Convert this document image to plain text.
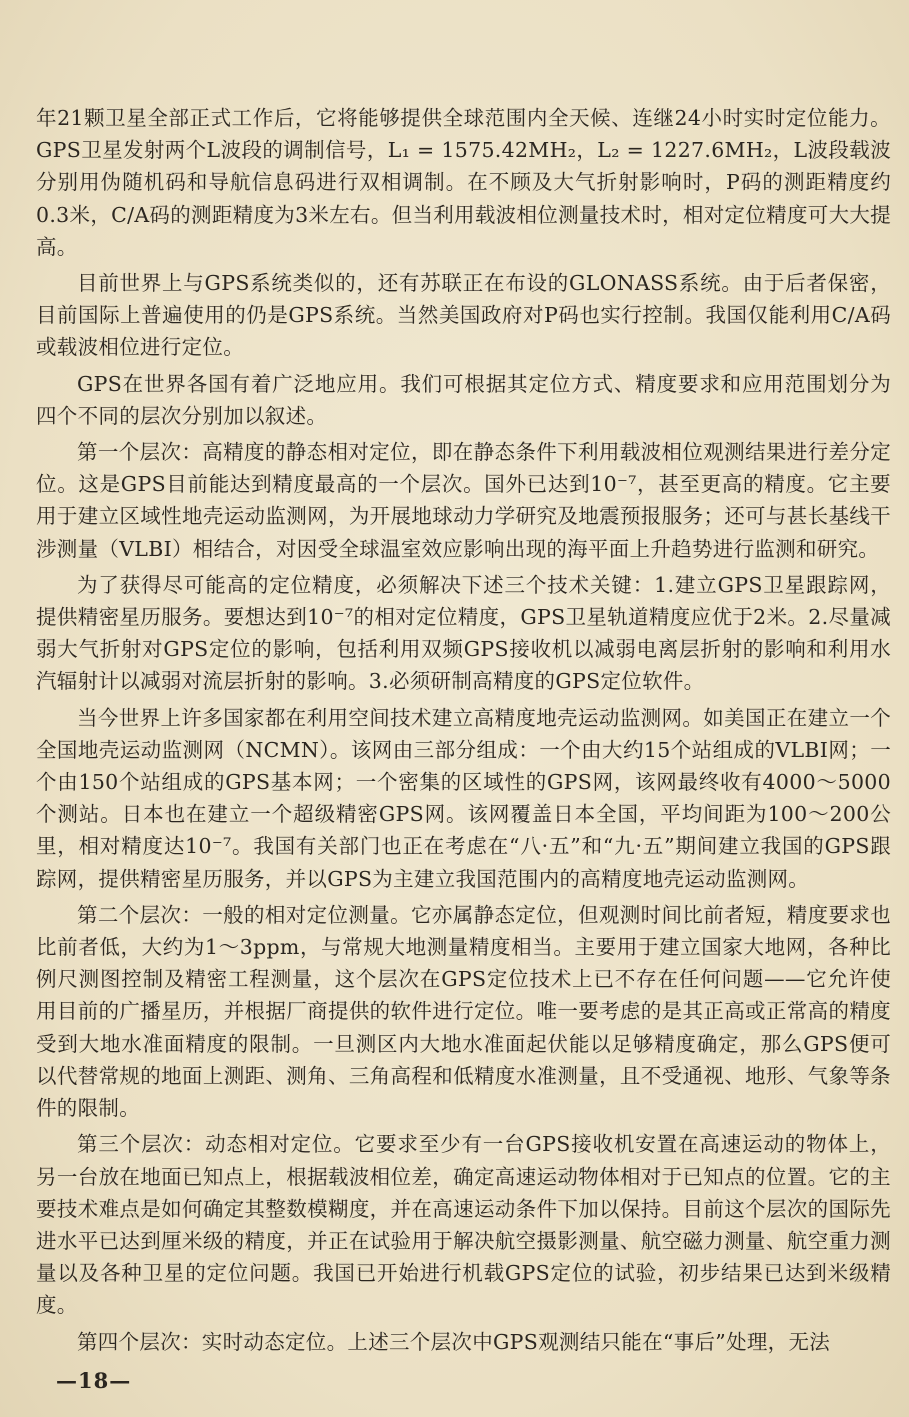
年21颗卫星全部正式工作后，它将能够提供全球范围内全天候、连继24小时实时定位能力。GPS卫星发射两个L波段的调制信号，L₁ = 1575.42MH₂，L₂ = 1227.6MH₂，L波段载波分别用伪随机码和导航信息码进行双相调制。在不顾及大气折射影响时，P码的测距精度约0.3米，C/A码的测距精度为3米左右。但当利用载波相位测量技术时，相对定位精度可大大提高。

目前世界上与GPS系统类似的，还有苏联正在布设的GLONASS系统。由于后者保密，目前国际上普遍使用的仍是GPS系统。当然美国政府对P码也实行控制。我国仅能利用C/A码或载波相位进行定位。

GPS在世界各国有着广泛地应用。我们可根据其定位方式、精度要求和应用范围划分为四个不同的层次分别加以叙述。

第一个层次：高精度的静态相对定位，即在静态条件下利用载波相位观测结果进行差分定位。这是GPS目前能达到精度最高的一个层次。国外已达到10⁻⁷，甚至更高的精度。它主要用于建立区域性地壳运动监测网，为开展地球动力学研究及地震预报服务；还可与甚长基线干涉测量（VLBI）相结合，对因受全球温室效应影响出现的海平面上升趋势进行监测和研究。

为了获得尽可能高的定位精度，必须解决下述三个技术关键：1.建立GPS卫星跟踪网，提供精密星历服务。要想达到10⁻⁷的相对定位精度，GPS卫星轨道精度应优于2米。2.尽量减弱大气折射对GPS定位的影响，包括利用双频GPS接收机以减弱电离层折射的影响和利用水汽辐射计以减弱对流层折射的影响。3.必须研制高精度的GPS定位软件。

当今世界上许多国家都在利用空间技术建立高精度地壳运动监测网。如美国正在建立一个全国地壳运动监测网（NCMN）。该网由三部分组成：一个由大约15个站组成的VLBI网；一个由150个站组成的GPS基本网；一个密集的区域性的GPS网，该网最终收有4000～5000个测站。日本也在建立一个超级精密GPS网。该网覆盖日本全国，平均间距为100～200公里，相对精度达10⁻⁷。我国有关部门也正在考虑在“八·五”和“九·五”期间建立我国的GPS跟踪网，提供精密星历服务，并以GPS为主建立我国范围内的高精度地壳运动监测网。

第二个层次：一般的相对定位测量。它亦属静态定位，但观测时间比前者短，精度要求也比前者低，大约为1～3ppm，与常规大地测量精度相当。主要用于建立国家大地网，各种比例尺测图控制及精密工程测量，这个层次在GPS定位技术上已不存在任何问题——它允许使用目前的广播星历，并根据厂商提供的软件进行定位。唯一要考虑的是其正高或正常高的精度受到大地水准面精度的限制。一旦测区内大地水准面起伏能以足够精度确定，那么GPS便可以代替常规的地面上测距、测角、三角高程和低精度水准测量，且不受通视、地形、气象等条件的限制。

第三个层次：动态相对定位。它要求至少有一台GPS接收机安置在高速运动的物体上，另一台放在地面已知点上，根据载波相位差，确定高速运动物体相对于已知点的位置。它的主要技术难点是如何确定其整数模糊度，并在高速运动条件下加以保持。目前这个层次的国际先进水平已达到厘米级的精度，并正在试验用于解决航空摄影测量、航空磁力测量、航空重力测量以及各种卫星的定位问题。我国已开始进行机载GPS定位的试验，初步结果已达到米级精度。

第四个层次：实时动态定位。上述三个层次中GPS观测结只能在“事后”处理，无法

—18—
